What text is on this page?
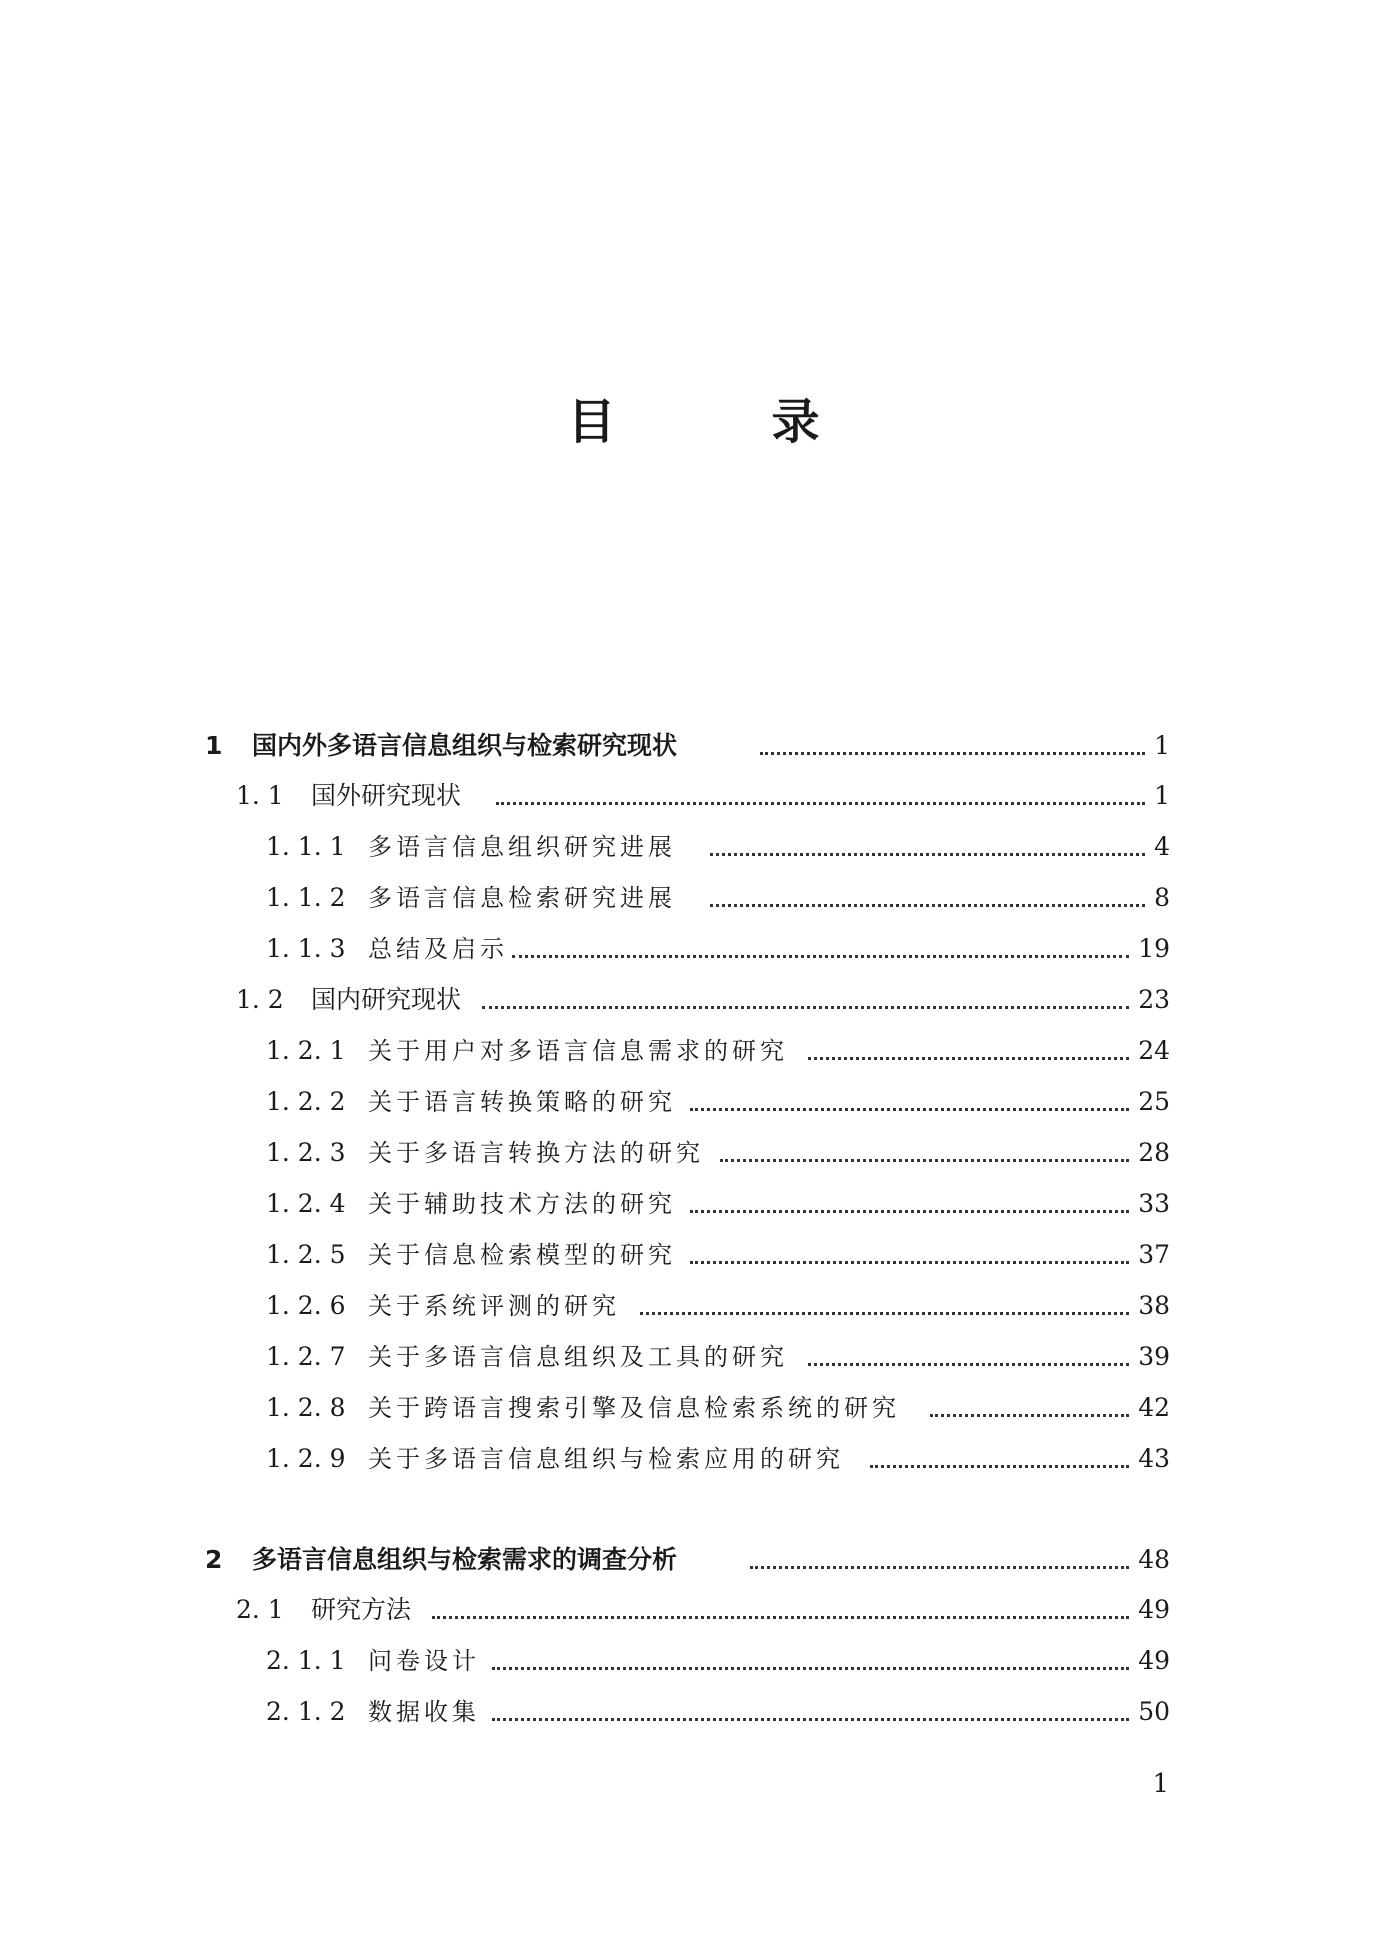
目　录
1 国内外多语言信息组织与检索研究现状	1
1. 1 国外研究现状	1
1. 1. 1 多语言信息组织研究进展	4
1. 1. 2 多语言信息检索研究进展	8
1. 1. 3 总结及启示	19
1. 2 国内研究现状	23
1. 2. 1 关于用户对多语言信息需求的研究	24
1. 2. 2 关于语言转换策略的研究	25
1. 2. 3 关于多语言转换方法的研究	28
1. 2. 4 关于辅助技术方法的研究	33
1. 2. 5 关于信息检索模型的研究	37
1. 2. 6 关于系统评测的研究	38
1. 2. 7 关于多语言信息组织及工具的研究	39
1. 2. 8 关于跨语言搜索引擎及信息检索系统的研究	42
1. 2. 9 关于多语言信息组织与检索应用的研究	43
2 多语言信息组织与检索需求的调查分析	48
2. 1 研究方法	49
2. 1. 1 问卷设计	49
2. 1. 2 数据收集	50
1
